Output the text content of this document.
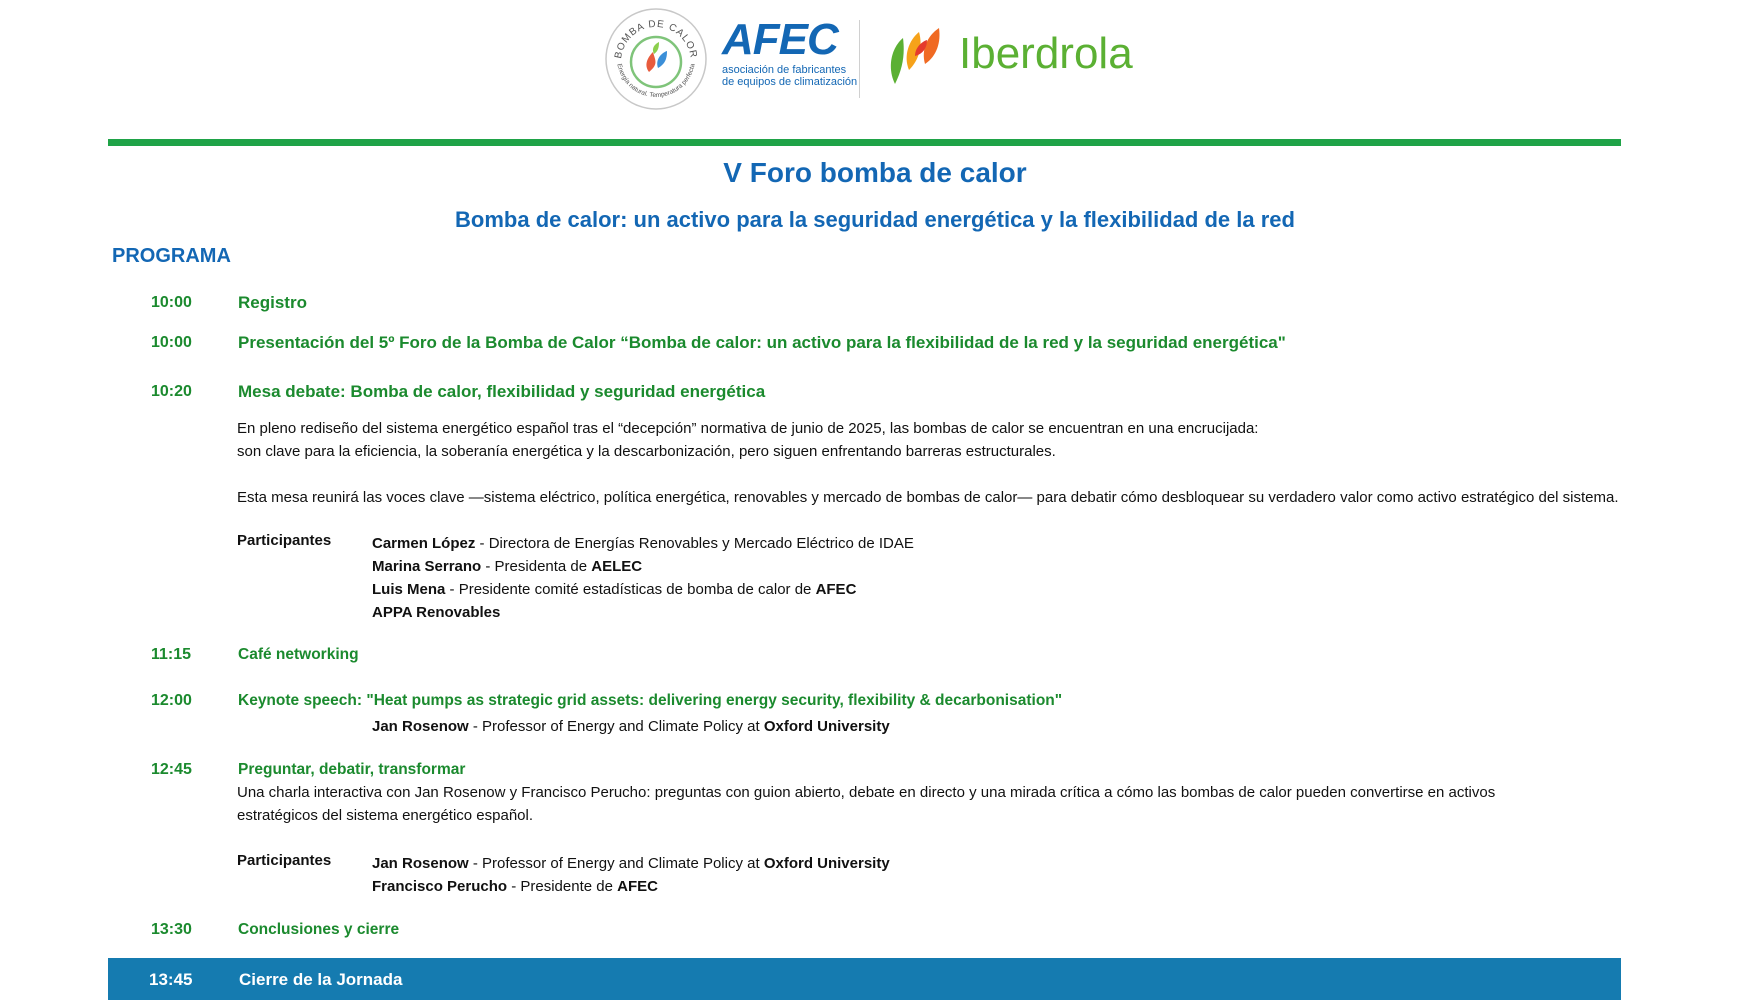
BOMBA DE CALOR
Energía natural. Temperatura perfecta
AFEC
asociación de fabricantes
de equipos de climatización
Iberdrola
V Foro bomba de calor
Bomba de calor: un activo para la seguridad energética y la flexibilidad de la red
PROGRAMA
10:00	Registro
10:00	Presentación del 5º Foro de la Bomba de Calor “Bomba de calor: un activo para la flexibilidad de la red y la seguridad energética"
10:20	Mesa debate: Bomba de calor, flexibilidad y seguridad energética
En pleno rediseño del sistema energético español tras el “decepción” normativa de junio de 2025, las bombas de calor se encuentran en una encrucijada:
son clave para la eficiencia, la soberanía energética y la descarbonización, pero siguen enfrentando barreras estructurales.
Esta mesa reunirá las voces clave —sistema eléctrico, política energética, renovables y mercado de bombas de calor— para debatir cómo desbloquear su verdadero valor como activo estratégico del sistema.
Participantes	Carmen López - Directora de Energías Renovables y Mercado Eléctrico de IDAE
Marina Serrano - Presidenta de AELEC
Luis Mena - Presidente comité estadísticas de bomba de calor de AFEC
APPA Renovables
11:15	Café networking
12:00	Keynote speech: "Heat pumps as strategic grid assets: delivering energy security, flexibility & decarbonisation"
Jan Rosenow - Professor of Energy and Climate Policy at Oxford University
12:45	Preguntar, debatir, transformar
Una charla interactiva con Jan Rosenow y Francisco Perucho: preguntas con guion abierto, debate en directo y una mirada crítica a cómo las bombas de calor pueden convertirse en activos
estratégicos del sistema energético español.
Participantes	Jan Rosenow - Professor of Energy and Climate Policy at Oxford University
Francisco Perucho - Presidente de AFEC
13:30	Conclusiones y cierre
13:45	Cierre de la Jornada
